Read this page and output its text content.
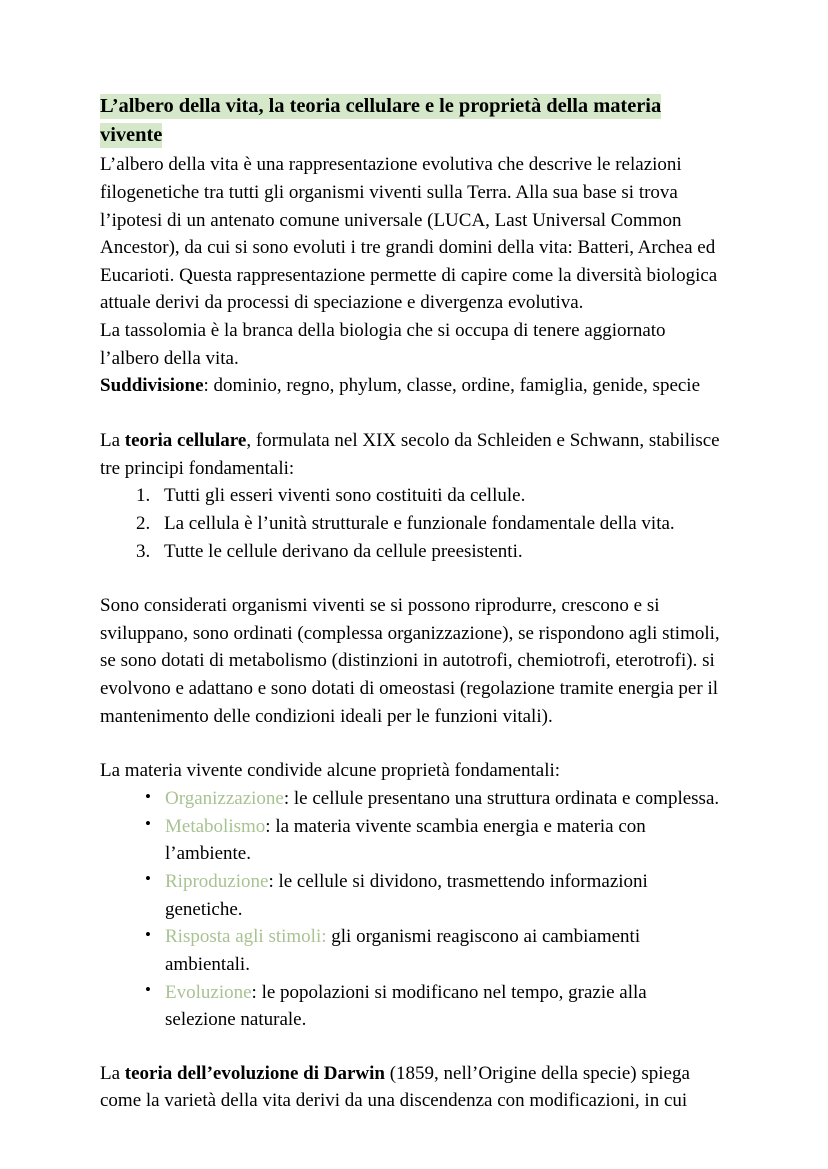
L’albero della vita, la teoria cellulare e le proprietà della materia
vivente

L’albero della vita è una rappresentazione evolutiva che descrive le relazioni filogenetiche tra tutti gli organismi viventi sulla Terra. Alla sua base si trova l’ipotesi di un antenato comune universale (LUCA, Last Universal Common Ancestor), da cui si sono evoluti i tre grandi domini della vita: Batteri, Archea ed Eucarioti. Questa rappresentazione permette di capire come la diversità biologica attuale derivi da processi di speciazione e divergenza evolutiva.

La tassolomia è la branca della biologia che si occupa di tenere aggiornato l’albero della vita.

Suddivisione: dominio, regno, phylum, classe, ordine, famiglia, genide, specie

La teoria cellulare, formulata nel XIX secolo da Schleiden e Schwann, stabilisce tre principi fondamentali:

1. Tutti gli esseri viventi sono costituiti da cellule.
2. La cellula è l’unità strutturale e funzionale fondamentale della vita.
3. Tutte le cellule derivano da cellule preesistenti.

Sono considerati organismi viventi se si possono riprodurre, crescono e si sviluppano, sono ordinati (complessa organizzazione), se rispondono agli stimoli, se sono dotati di metabolismo (distinzioni in autotrofi, chemiotrofi, eterotrofi). si evolvono e adattano e sono dotati di omeostasi (regolazione tramite energia per il mantenimento delle condizioni ideali per le funzioni vitali).

La materia vivente condivide alcune proprietà fondamentali:

• Organizzazione: le cellule presentano una struttura ordinata e complessa.
• Metabolismo: la materia vivente scambia energia e materia con l’ambiente.
• Riproduzione: le cellule si dividono, trasmettendo informazioni genetiche.
• Risposta agli stimoli: gli organismi reagiscono ai cambiamenti ambientali.
• Evoluzione: le popolazioni si modificano nel tempo, grazie alla selezione naturale.

La teoria dell’evoluzione di Darwin (1859, nell’Origine della specie) spiega come la varietà della vita derivi da una discendenza con modificazioni, in cui
